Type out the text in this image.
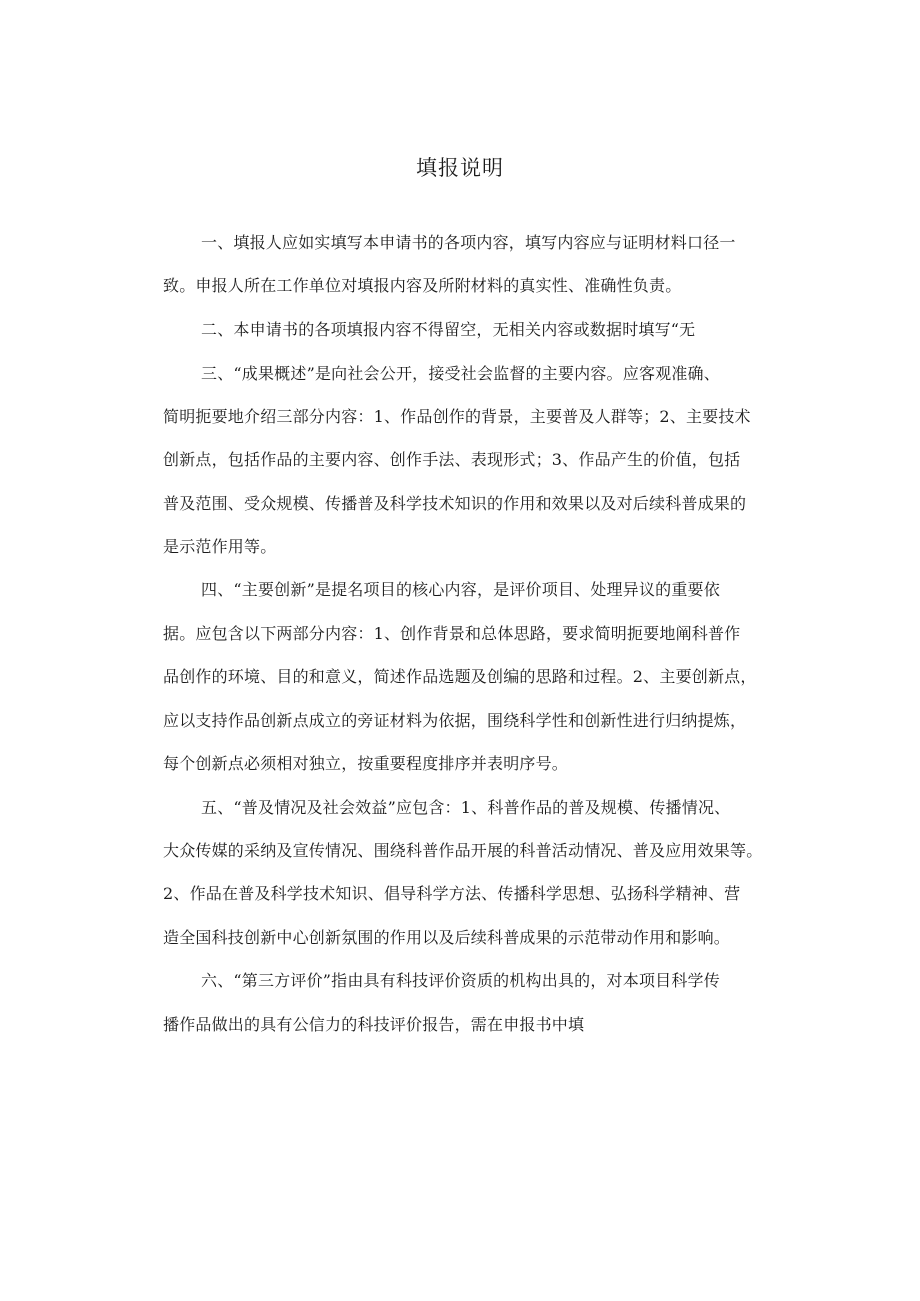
填报说明
一、填报人应如实填写本申请书的各项内容，填写内容应与证明材料口径一
致。申报人所在工作单位对填报内容及所附材料的真实性、准确性负责。
二、本申请书的各项填报内容不得留空，无相关内容或数据时填写“无
三、“成果概述”是向社会公开，接受社会监督的主要内容。应客观准确、
简明扼要地介绍三部分内容：1、作品创作的背景，主要普及人群等；2、主要技术
创新点，包括作品的主要内容、创作手法、表现形式；3、作品产生的价值，包括
普及范围、受众规模、传播普及科学技术知识的作用和效果以及对后续科普成果的
是示范作用等。
四、“主要创新”是提名项目的核心内容，是评价项目、处理异议的重要依
据。应包含以下两部分内容：1、创作背景和总体思路，要求简明扼要地阐科普作
品创作的环境、目的和意义，简述作品选题及创编的思路和过程。2、主要创新点，
应以支持作品创新点成立的旁证材料为依据，围绕科学性和创新性进行归纳提炼，
每个创新点必须相对独立，按重要程度排序并表明序号。
五、“普及情况及社会效益”应包含：1、科普作品的普及规模、传播情况、
大众传媒的采纳及宣传情况、围绕科普作品开展的科普活动情况、普及应用效果等。
2、作品在普及科学技术知识、倡导科学方法、传播科学思想、弘扬科学精神、营
造全国科技创新中心创新氛围的作用以及后续科普成果的示范带动作用和影响。
六、“第三方评价”指由具有科技评价资质的机构出具的，对本项目科学传
播作品做出的具有公信力的科技评价报告，需在申报书中填
